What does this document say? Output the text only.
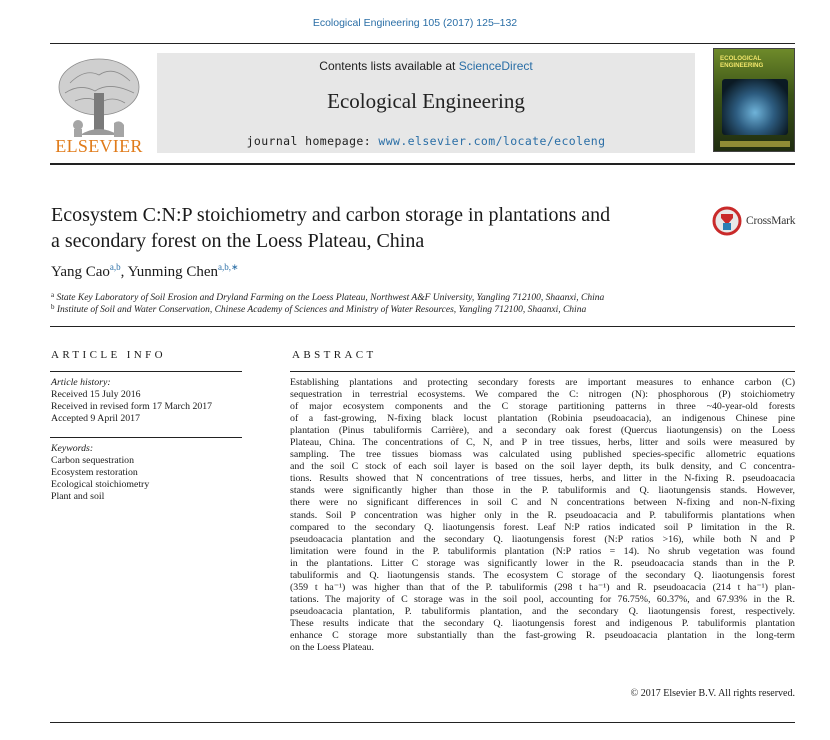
Ecological Engineering 105 (2017) 125–132
ELSEVIER
Contents lists available at ScienceDirect
Ecological Engineering
journal homepage: www.elsevier.com/locate/ecoleng
ECOLOGICAL ENGINEERING
Ecosystem C:N:P stoichiometry and carbon storage in plantations and
a secondary forest on the Loess Plateau, China
CrossMark
Yang Cao$^{a,b}$, Yunming Chen$^{a,b,∗}$
$^a$ State Key Laboratory of Soil Erosion and Dryland Farming on the Loess Plateau, Northwest A&F University, Yangling 712100, Shaanxi, China
$^b$ Institute of Soil and Water Conservation, Chinese Academy of Sciences and Ministry of Water Resources, Yangling 712100, Shaanxi, China
ARTICLE INFO	ABSTRACT
Article history:
Received 15 July 2016
Received in revised form 17 March 2017
Accepted 9 April 2017
Keywords:
Carbon sequestration
Ecosystem restoration
Ecological stoichiometry
Plant and soil
Establishing plantations and protecting secondary forests are important measures to enhance carbon (C)
sequestration in terrestrial ecosystems. We compared the C: nitrogen (N): phosphorous (P) stoichiometry
of major ecosystem components and the C storage partitioning patterns in three ~40-year-old forests
of a fast-growing, N-fixing black locust plantation (Robinia pseudoacacia), an indigenous Chinese pine
plantation (Pinus tabuliformis Carrière), and a secondary oak forest (Quercus liaotungensis) on the Loess
Plateau, China. The concentrations of C, N, and P in tree tissues, herbs, litter and soils were measured by
sampling. The tree tissues biomass was calculated using published species-specific allometric equations
and the soil C stock of each soil layer is based on the soil layer depth, its bulk density, and C concentra-
tions. Results showed that N concentrations of tree tissues, herbs, and litter in the N-fixing R. pseudoacacia
stands were significantly higher than those in the P. tabuliformis and Q. liaotungensis stands. However,
there were no significant differences in soil C and N concentrations between N-fixing and non-N-fixing
stands. Soil P concentration was higher only in the R. pseudoacacia and P. tabuliformis plantations when
compared to the secondary Q. liaotungensis forest. Leaf N:P ratios indicated soil P limitation in the R.
pseudoacacia plantation and the secondary Q. liaotungensis forest (N:P ratios >16), while both N and P
limitation were found in the P. tabuliformis plantation (N:P ratios = 14). No shrub vegetation was found
in the plantations. Litter C storage was significantly lower in the R. pseudoacacia stands than in the P.
tabuliformis and Q. liaotungensis stands. The ecosystem C storage of the secondary Q. liaotungensis forest
(359 t ha⁻¹) was higher than that of the P. tabuliformis (298 t ha⁻¹) and R. pseudoacacia (214 t ha⁻¹) plan-
tations. The majority of C storage was in the soil pool, accounting for 76.75%, 60.37%, and 67.93% in the R.
pseudoacacia plantation, P. tabuliformis plantation, and the secondary Q. liaotungensis forest, respectively.
These results indicate that the secondary Q. liaotungensis forest and indigenous P. tabuliformis plantation
enhance C storage more substantially than the fast-growing R. pseudoacacia plantation in the long-term
on the Loess Plateau.
© 2017 Elsevier B.V. All rights reserved.
